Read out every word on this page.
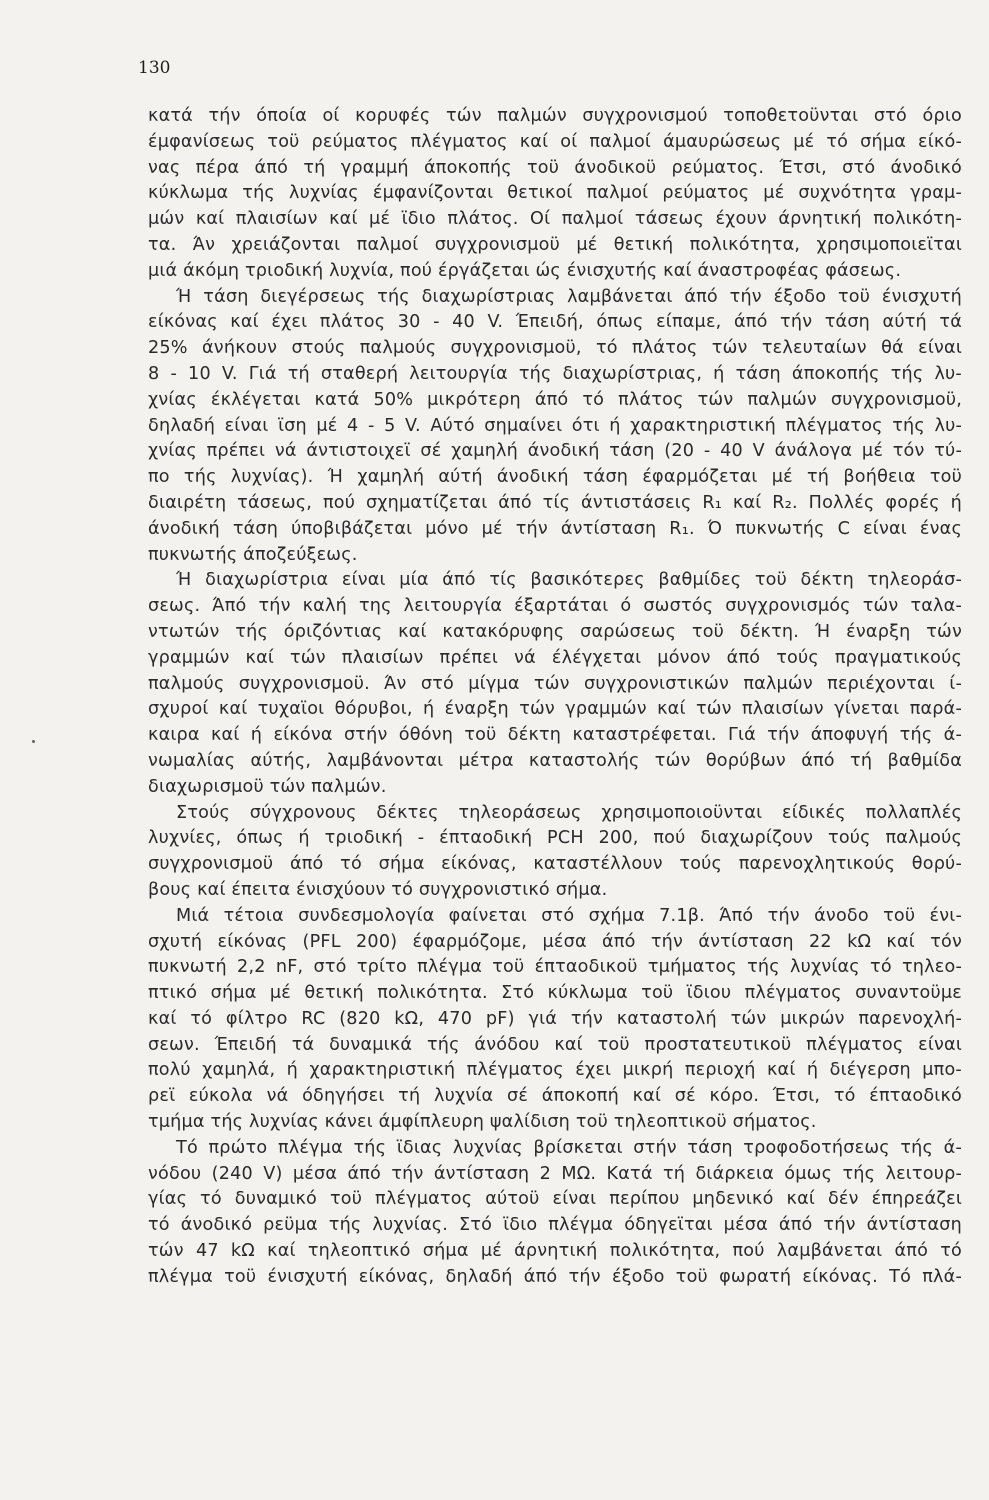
130
κατά τήν όποία οί κορυφές τών παλμών συγχρονισμού τοποθετοϋνται στό όριο
έμφανίσεως τοϋ ρεύματος πλέγματος καί οί παλμοί άμαυρώσεως μέ τό σήμα είκό-
νας πέρα άπό τή γραμμή άποκοπής τοϋ άνοδικοϋ ρεύματος. Έτσι, στό άνοδικό
κύκλωμα τής λυχνίας έμφανίζονται θετικοί παλμοί ρεύματος μέ συχνότητα γραμ-
μών καί πλαισίων καί μέ ϊδιο πλάτος. Οί παλμοί τάσεως έχουν άρνητική πολικότη-
τα. Άν χρειάζονται παλμοί συγχρονισμοϋ μέ θετική πολικότητα, χρησιμοποιεϊται
μιά άκόμη τριοδική λυχνία, πού έργάζεται ώς ένισχυτής καί άναστροφέας φάσεως.
Ή τάση διεγέρσεως τής διαχωρίστριας λαμβάνεται άπό τήν έξοδο τοϋ ένισχυτή
είκόνας καί έχει πλάτος 30 - 40 V. Έπειδή, όπως είπαμε, άπό τήν τάση αύτή τά
25% άνήκουν στούς παλμούς συγχρονισμοϋ, τό πλάτος τών τελευταίων θά είναι
8 - 10 V. Γιά τή σταθερή λειτουργία τής διαχωρίστριας, ή τάση άποκοπής τής λυ-
χνίας έκλέγεται κατά 50% μικρότερη άπό τό πλάτος τών παλμών συγχρονισμοϋ,
δηλαδή είναι ϊση μέ 4 - 5 V. Αύτό σημαίνει ότι ή χαρακτηριστική πλέγματος τής λυ-
χνίας πρέπει νά άντιστοιχεϊ σέ χαμηλή άνοδική τάση (20 - 40 V άνάλογα μέ τόν τύ-
πο τής λυχνίας). Ή χαμηλή αύτή άνοδική τάση έφαρμόζεται μέ τή βοήθεια τοϋ
διαιρέτη τάσεως, πού σχηματίζεται άπό τίς άντιστάσεις R₁ καί R₂. Πολλές φορές ή
άνοδική τάση ύποβιβάζεται μόνο μέ τήν άντίσταση R₁. Ό πυκνωτής C είναι ένας
πυκνωτής άποζεύξεως.
Ή διαχωρίστρια είναι μία άπό τίς βασικότερες βαθμίδες τοϋ δέκτη τηλεοράσ-
σεως. Άπό τήν καλή της λειτουργία έξαρτάται ό σωστός συγχρονισμός τών ταλα-
ντωτών τής όριζόντιας καί κατακόρυφης σαρώσεως τοϋ δέκτη. Ή έναρξη τών
γραμμών καί τών πλαισίων πρέπει νά έλέγχεται μόνον άπό τούς πραγματικούς
παλμούς συγχρονισμοϋ. Άν στό μίγμα τών συγχρονιστικών παλμών περιέχονται ί-
σχυροί καί τυχαϊοι θόρυβοι, ή έναρξη τών γραμμών καί τών πλαισίων γίνεται παρά-
καιρα καί ή είκόνα στήν όθόνη τοϋ δέκτη καταστρέφεται. Γιά τήν άποφυγή τής ά-
νωμαλίας αύτής, λαμβάνονται μέτρα καταστολής τών θορύβων άπό τή βαθμίδα
διαχωρισμοϋ τών παλμών.
Στούς σύγχρονους δέκτες τηλεοράσεως χρησιμοποιοϋνται είδικές πολλαπλές
λυχνίες, όπως ή τριοδική - έπταοδική PCH 200, πού διαχωρίζουν τούς παλμούς
συγχρονισμοϋ άπό τό σήμα είκόνας, καταστέλλουν τούς παρενοχλητικούς θορύ-
βους καί έπειτα ένισχύουν τό συγχρονιστικό σήμα.
Μιά τέτοια συνδεσμολογία φαίνεται στό σχήμα 7.1β. Άπό τήν άνοδο τοϋ ένι-
σχυτή είκόνας (PFL 200) έφαρμόζομε, μέσα άπό τήν άντίσταση 22 kΩ καί τόν
πυκνωτή 2,2 nF, στό τρίτο πλέγμα τοϋ έπταοδικοϋ τμήματος τής λυχνίας τό τηλεο-
πτικό σήμα μέ θετική πολικότητα. Στό κύκλωμα τοϋ ϊδιου πλέγματος συναντοϋμε
καί τό φίλτρο RC (820 kΩ, 470 pF) γιά τήν καταστολή τών μικρών παρενοχλή-
σεων. Έπειδή τά δυναμικά τής άνόδου καί τοϋ προστατευτικοϋ πλέγματος είναι
πολύ χαμηλά, ή χαρακτηριστική πλέγματος έχει μικρή περιοχή καί ή διέγερση μπο-
ρεϊ εύκολα νά όδηγήσει τή λυχνία σέ άποκοπή καί σέ κόρο. Έτσι, τό έπταοδικό
τμήμα τής λυχνίας κάνει άμφίπλευρη ψαλίδιση τοϋ τηλεοπτικοϋ σήματος.
Τό πρώτο πλέγμα τής ϊδιας λυχνίας βρίσκεται στήν τάση τροφοδοτήσεως τής ά-
νόδου (240 V) μέσα άπό τήν άντίσταση 2 ΜΩ. Κατά τή διάρκεια όμως τής λειτουρ-
γίας τό δυναμικό τοϋ πλέγματος αύτοϋ είναι περίπου μηδενικό καί δέν έπηρεάζει
τό άνοδικό ρεϋμα τής λυχνίας. Στό ϊδιο πλέγμα όδηγεϊται μέσα άπό τήν άντίσταση
τών 47 kΩ καί τηλεοπτικό σήμα μέ άρνητική πολικότητα, πού λαμβάνεται άπό τό
πλέγμα τοϋ ένισχυτή είκόνας, δηλαδή άπό τήν έξοδο τοϋ φωρατή είκόνας. Τό πλά-
